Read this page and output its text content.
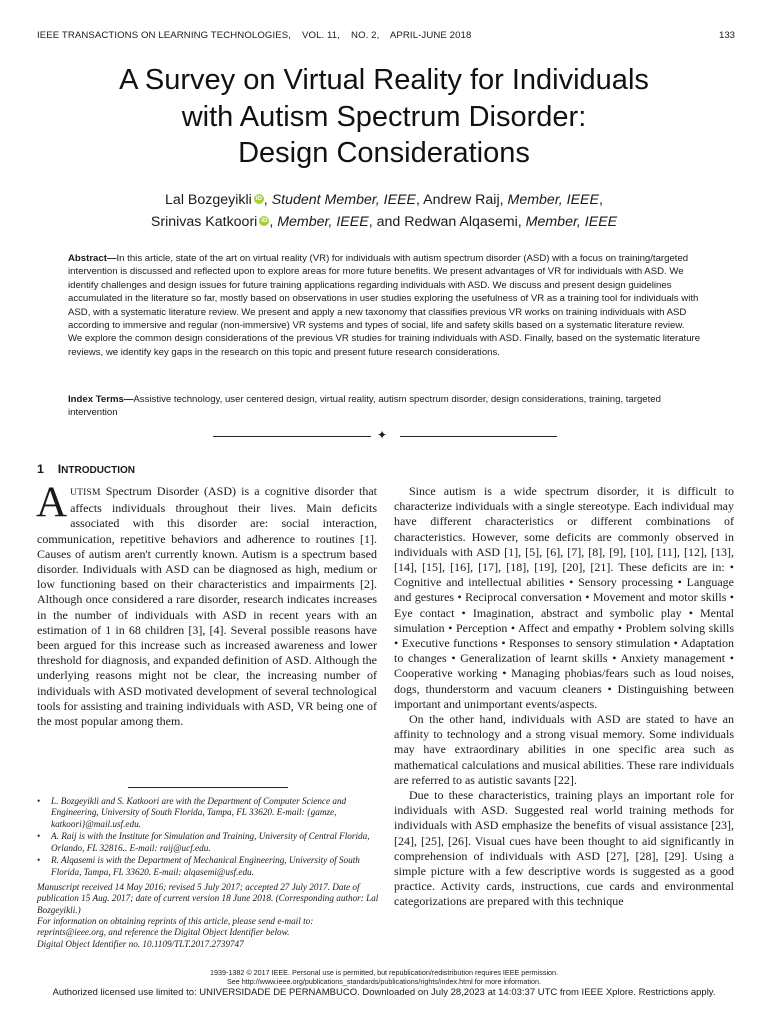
IEEE TRANSACTIONS ON LEARNING TECHNOLOGIES,    VOL. 11,    NO. 2,    APRIL-JUNE 2018	133
A Survey on Virtual Reality for Individuals
with Autism Spectrum Disorder:
Design Considerations
Lal Bozgeyikli iD , Student Member, IEEE, Andrew Raij, Member, IEEE,
Srinivas Katkoori iD , Member, IEEE, and Redwan Alqasemi, Member, IEEE
Abstract—In this article, state of the art on virtual reality (VR) for individuals with autism spectrum disorder (ASD) with a focus on training/targeted intervention is discussed and reflected upon to explore areas for more future benefits. We present advantages of VR for individuals with ASD. We identify challenges and design issues for future training applications regarding individuals with ASD. We discuss and present design guidelines accumulated in the literature so far, mostly based on observations in user studies exploring the usefulness of VR as a training tool for individuals with ASD, with a systematic literature review. We present and apply a new taxonomy that classifies previous VR works on training individuals with ASD according to immersive and regular (non-immersive) VR systems and types of social, life and safety skills based on a systematic literature review. We explore the common design considerations of the previous VR studies for training individuals with ASD. Finally, based on the systematic literature reviews, we identify key gaps in the research on this topic and present future research considerations.
Index Terms—Assistive technology, user centered design, virtual reality, autism spectrum disorder, design considerations, training, targeted intervention
✦
1 INTRODUCTION

AUTISM Spectrum Disorder (ASD) is a cognitive disorder that affects individuals throughout their lives. Main deficits associated with this disorder are: social interaction, communication, repetitive behaviors and adherence to routines [1]. Causes of autism aren't currently known. Autism is a spectrum based disorder. Individuals with ASD can be diagnosed as high, medium or low functioning based on their characteristics and impairments [2]. Although once considered a rare disorder, research indicates increases in the number of individuals with ASD in recent years with an estimation of 1 in 68 children [3], [4]. Several possible reasons have been argued for this increase such as increased awareness and lower threshold for diagnosis, and expanded definition of ASD. Although the underlying reasons might not be clear, the increasing number of individuals with ASD motivated development of several technological tools for assisting and training individuals with ASD, VR being one of the most popular among them.

• L. Bozgeyikli and S. Katkoori are with the Department of Computer Science and Engineering, University of South Florida, Tampa, FL 33620. E-mail: {gamze, katkoori}@mail.usf.edu.
• A. Raij is with the Institute for Simulation and Training, University of Central Florida, Orlando, FL 32816.. E-mail: raij@ucf.edu.
• R. Alqasemi is with the Department of Mechanical Engineering, University of South Florida, Tampa, FL 33620. E-mail: alqasemi@usf.edu.
Manuscript received 14 May 2016; revised 5 July 2017; accepted 27 July 2017. Date of publication 15 Aug. 2017; date of current version 18 June 2018. (Corresponding author: Lal Bozgeyikli.)
For information on obtaining reprints of this article, please send e-mail to: reprints@ieee.org, and reference the Digital Object Identifier below.
Digital Object Identifier no. 10.1109/TLT.2017.2739747

Since autism is a wide spectrum disorder, it is difficult to characterize individuals with a single stereotype. Each individual may have different characteristics or different combinations of characteristics. However, some deficits are commonly observed in individuals with ASD [1], [5], [6], [7], [8], [9], [10], [11], [12], [13], [14], [15], [16], [17], [18], [19], [20], [21]. These deficits are in: • Cognitive and intellectual abilities • Sensory processing • Language and gestures • Reciprocal conversation • Movement and motor skills • Eye contact • Imagination, abstract and symbolic play • Mental simulation • Perception • Affect and empathy • Problem solving skills • Executive functions • Responses to sensory stimulation • Adaptation to changes • Generalization of learnt skills • Anxiety management • Cooperative working • Managing phobias/fears such as loud noises, dogs, thunderstorm and vacuum cleaners • Distinguishing between important and unimportant events/aspects.

On the other hand, individuals with ASD are stated to have an affinity to technology and a strong visual memory. Some individuals may have extraordinary abilities in one specific area such as mathematical calculations and musical abilities. These rare individuals are referred to as autistic savants [22].

Due to these characteristics, training plays an important role for individuals with ASD. Suggested real world training methods for individuals with ASD emphasize the benefits of visual assistance [23], [24], [25], [26]. Visual cues have been thought to aid significantly in comprehension of individuals with ASD [27], [28], [29]. Using a simple picture with a few descriptive words is suggested as a good practice. Activity cards, instructions, cue cards and environmental categorizations are prepared with this technique

1939-1382 © 2017 IEEE. Personal use is permitted, but republication/redistribution requires IEEE permission.
See http://www.ieee.org/publications_standards/publications/rights/index.html for more information.
Authorized licensed use limited to: UNIVERSIDADE DE PERNAMBUCO. Downloaded on July 28,2023 at 14:03:37 UTC from IEEE Xplore. Restrictions apply.
